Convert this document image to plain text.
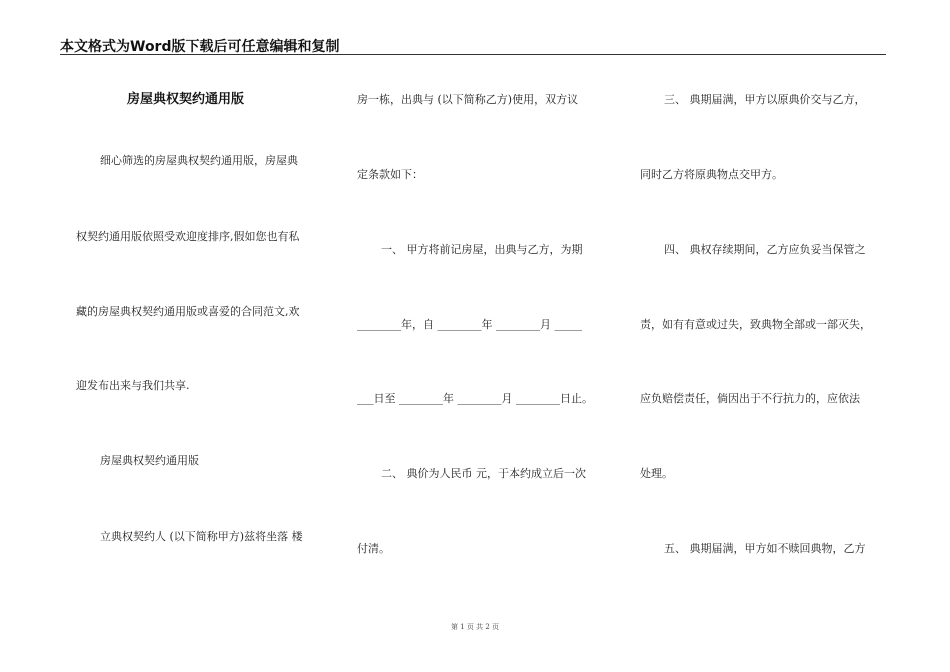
本文格式为Word版下载后可任意编辑和复制
房屋典权契约通用版
细心筛选的房屋典权契约通用版，房屋典
权契约通用版依照受欢迎度排序,假如您也有私
藏的房屋典权契约通用版或喜爱的合同范文,欢
迎发布出来与我们共享.
房屋典权契约通用版
立典权契约人 (以下简称甲方)兹将坐落 楼
房一栋，出典与 (以下简称乙方)使用，双方议
定条款如下：
一、 甲方将前记房屋，出典与乙方，为期
________年，自 ________年 ________月 _____
___日至 ________年 ________月 ________日止。
二、 典价为人民币 元，于本约成立后一次
付清。
三、 典期届满，甲方以原典价交与乙方，
同时乙方将原典物点交甲方。
四、 典权存续期间，乙方应负妥当保管之
责，如有有意或过失，致典物全部或一部灭失，
应负赔偿责任，倘因出于不行抗力的，应依法
处理。
五、 典期届满，甲方如不赎回典物，乙方
第 1 页 共 2 页
